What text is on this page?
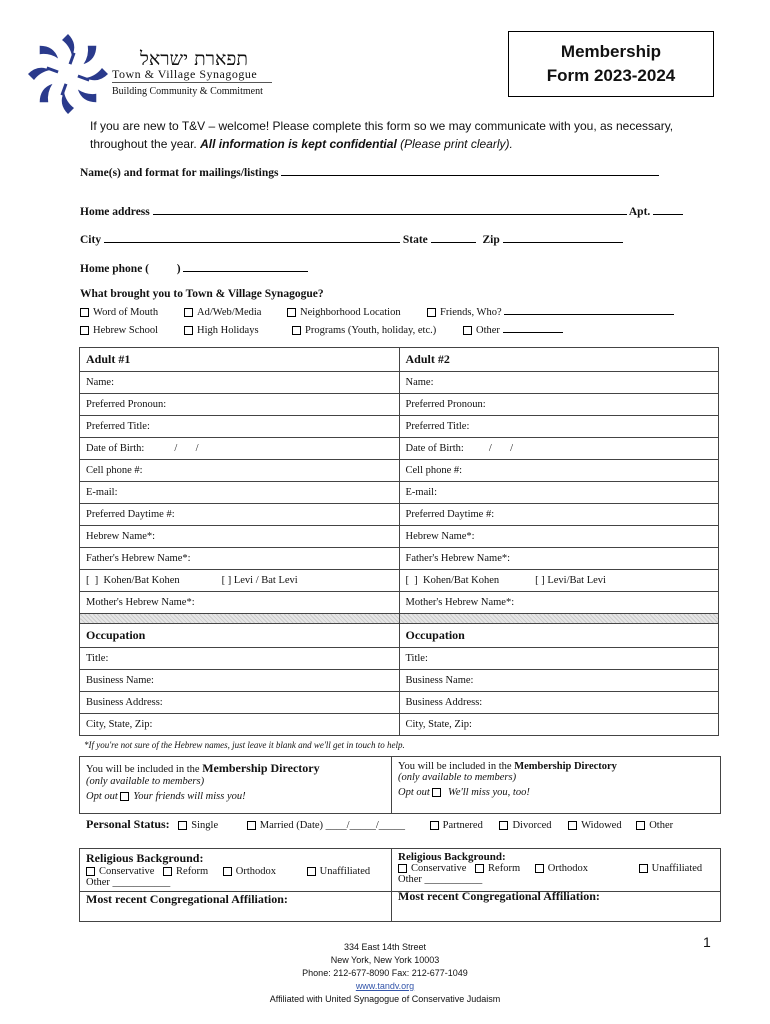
תפארת ישראל
Town & Village Synagogue
Building Community & Commitment
Membership
Form 2023-2024
If you are new to T&V – welcome! Please complete this form so we may communicate with you, as necessary, throughout the year. All information is kept confidential (Please print clearly).
Name(s) and format for mailings/listings
Home address	Apt.
City	State	Zip
Home phone ( )
What brought you to Town & Village Synagogue?
Word of Mouth	Ad/Web/Media	Neighborhood Location	Friends, Who?
Hebrew School	High Holidays	Programs (Youth, holiday, etc.)	Other
Adult #1	Adult #2
Name:	Name:
Preferred Pronoun:	Preferred Pronoun:
Preferred Title:	Preferred Title:
Date of Birth: /       /	Date of Birth: /       /
Cell phone #:	Cell phone #:
E-mail:	E-mail:
Preferred Daytime #:	Preferred Daytime #:
Hebrew Name*:	Hebrew Name*:
Father's Hebrew Name*:	Father's Hebrew Name*:
[  ]  Kohen/Bat Kohen [ ] Levi / Bat Levi	[  ]  Kohen/Bat Kohen [ ] Levi/Bat Levi
Mother's Hebrew Name*:	Mother's Hebrew Name*:

Occupation	Occupation
Title:	Title:
Business Name:	Business Name:
Business Address:	Business Address:
City, State, Zip:	City, State, Zip:
*If you're not sure of the Hebrew names, just leave it blank and we'll get in touch to help.
You will be included in the Membership Directory
(only available to members)
Opt out Your friends will miss you!
You will be included in the Membership Directory
(only available to members)
Opt out We'll miss you, too!
Personal Status: Single	Married (Date) ____/_____/_____	Partnered	Divorced	Widowed	Other
Religious Background:
Conservative Reform	Orthodox	Unaffiliated
Other ___________
Most recent Congregational Affiliation:
Religious Background:
Conservative Reform	Orthodox	Unaffiliated
Other ___________
Most recent Congregational Affiliation:
1
334 East 14th Street
New York, New York 10003
Phone: 212-677-8090 Fax: 212-677-1049
www.tandv.org
Affiliated with United Synagogue of Conservative Judaism
